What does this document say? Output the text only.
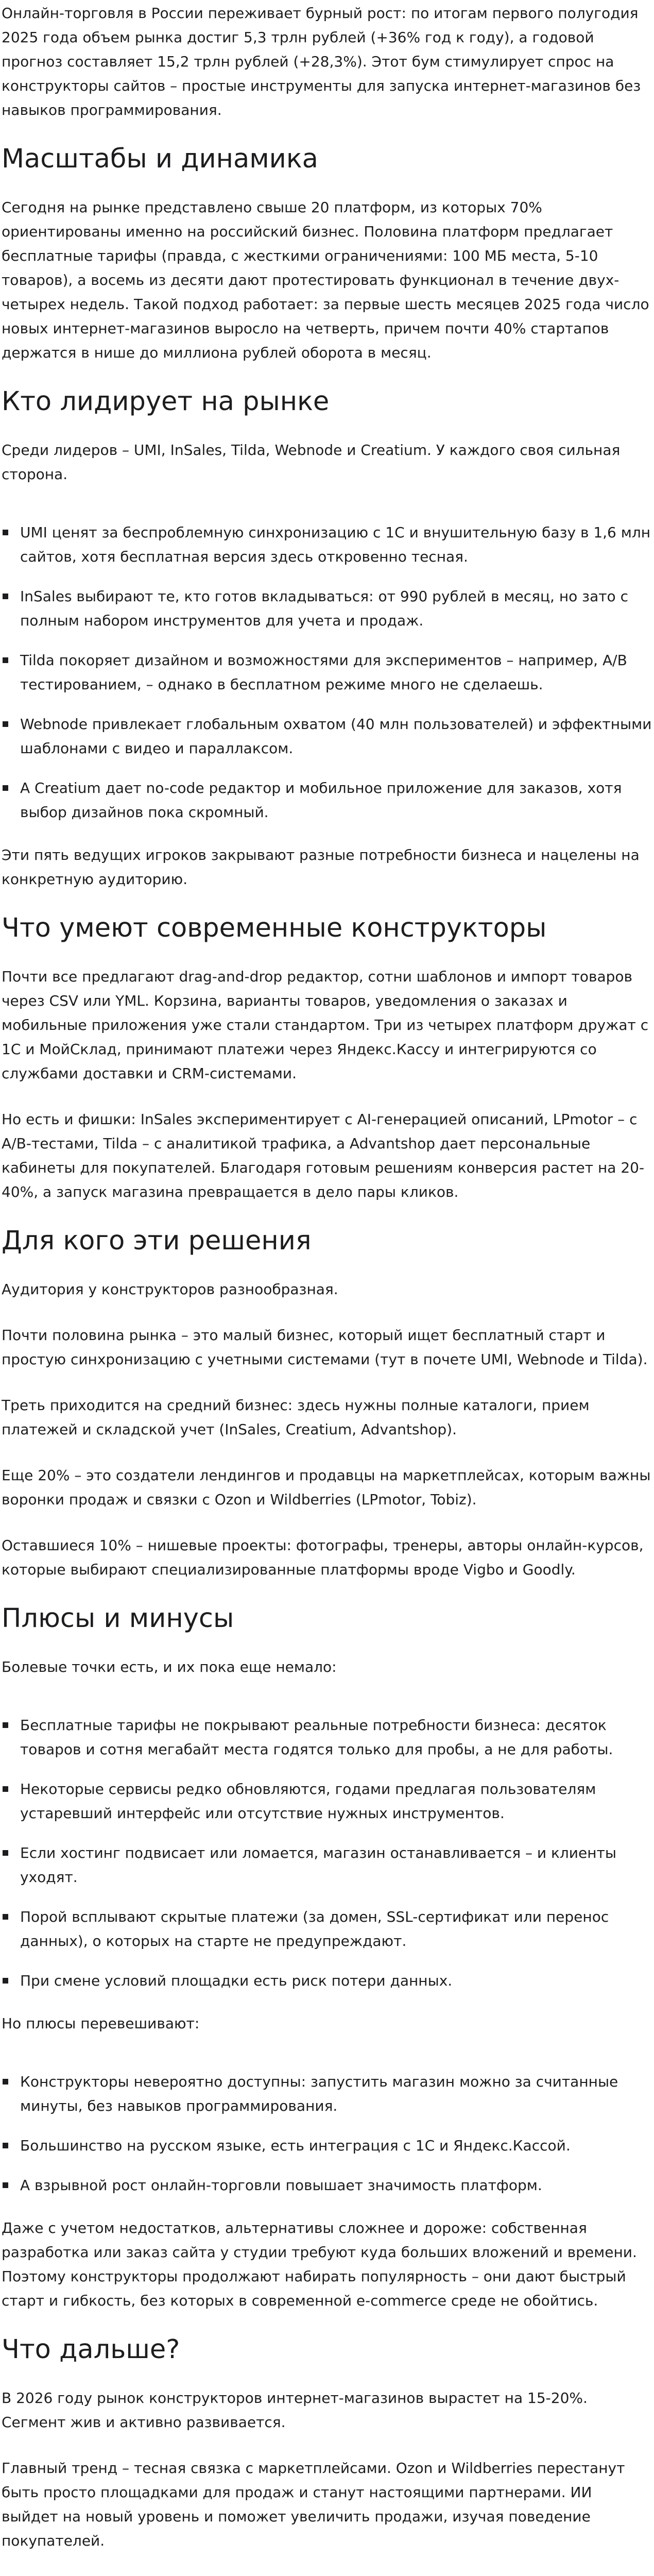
Онлайн-торговля в России переживает бурный рост: по итогам первого полугодия 2025 года объем рынка достиг 5,3 трлн рублей (+36% год к году), а годовой прогноз составляет 15,2 трлн рублей (+28,3%). Этот бум стимулирует спрос на конструкторы сайтов – простые инструменты для запуска интернет-магазинов без навыков программирования.

Масштабы и динамика

Сегодня на рынке представлено свыше 20 платформ, из которых 70% ориентированы именно на российский бизнес. Половина платформ предлагает бесплатные тарифы (правда, с жесткими ограничениями: 100 МБ места, 5-10 товаров), а восемь из десяти дают протестировать функционал в течение двух-четырех недель. Такой подход работает: за первые шесть месяцев 2025 года число новых интернет-магазинов выросло на четверть, причем почти 40% стартапов держатся в нише до миллиона рублей оборота в месяц.

Кто лидирует на рынке

Среди лидеров – UMI, InSales, Tilda, Webnode и Creatium. У каждого своя сильная сторона.

UMI ценят за беспроблемную синхронизацию с 1С и внушительную базу в 1,6 млн сайтов, хотя бесплатная версия здесь откровенно тесная.
InSales выбирают те, кто готов вкладываться: от 990 рублей в месяц, но зато с полным набором инструментов для учета и продаж.
Tilda покоряет дизайном и возможностями для экспериментов – например, A/B тестированием, – однако в бесплатном режиме много не сделаешь.
Webnode привлекает глобальным охватом (40 млн пользователей) и эффектными шаблонами с видео и параллаксом.
А Creatium дает no-code редактор и мобильное приложение для заказов, хотя выбор дизайнов пока скромный.

Эти пять ведущих игроков закрывают разные потребности бизнеса и нацелены на конкретную аудиторию.

Что умеют современные конструкторы

Почти все предлагают drag-and-drop редактор, сотни шаблонов и импорт товаров через CSV или YML. Корзина, варианты товаров, уведомления о заказах и мобильные приложения уже стали стандартом. Три из четырех платформ дружат с 1С и МойСклад, принимают платежи через Яндекс.Кассу и интегрируются со службами доставки и CRM-системами.

Но есть и фишки: InSales экспериментирует с AI-генерацией описаний, LPmotor – с A/B-тестами, Tilda – с аналитикой трафика, а Advantshop дает персональные кабинеты для покупателей. Благодаря готовым решениям конверсия растет на 20-40%, а запуск магазина превращается в дело пары кликов.

Для кого эти решения

Аудитория у конструкторов разнообразная.

Почти половина рынка – это малый бизнес, который ищет бесплатный старт и простую синхронизацию с учетными системами (тут в почете UMI, Webnode и Tilda).

Треть приходится на средний бизнес: здесь нужны полные каталоги, прием платежей и складской учет (InSales, Creatium, Advantshop).

Еще 20% – это создатели лендингов и продавцы на маркетплейсах, которым важны воронки продаж и связки с Ozon и Wildberries (LPmotor, Tobiz).

Оставшиеся 10% – нишевые проекты: фотографы, тренеры, авторы онлайн-курсов, которые выбирают специализированные платформы вроде Vigbo и Goodly.

Плюсы и минусы

Болевые точки есть, и их пока еще немало:

Бесплатные тарифы не покрывают реальные потребности бизнеса: десяток товаров и сотня мегабайт места годятся только для пробы, а не для работы.
Некоторые сервисы редко обновляются, годами предлагая пользователям устаревший интерфейс или отсутствие нужных инструментов.
Если хостинг подвисает или ломается, магазин останавливается – и клиенты уходят.
Порой всплывают скрытые платежи (за домен, SSL-сертификат или перенос данных), о которых на старте не предупреждают.
При смене условий площадки есть риск потери данных.

Но плюсы перевешивают:

Конструкторы невероятно доступны: запустить магазин можно за считанные минуты, без навыков программирования.
Большинство на русском языке, есть интеграция с 1С и Яндекс.Кассой.
А взрывной рост онлайн-торговли повышает значимость платформ.

Даже с учетом недостатков, альтернативы сложнее и дороже: собственная разработка или заказ сайта у студии требуют куда больших вложений и времени. Поэтому конструкторы продолжают набирать популярность – они дают быстрый старт и гибкость, без которых в современной e-commerce среде не обойтись.

Что дальше?

В 2026 году рынок конструкторов интернет-магазинов вырастет на 15-20%. Сегмент жив и активно развивается.

Главный тренд – тесная связка с маркетплейсами. Ozon и Wildberries перестанут быть просто площадками для продаж и станут настоящими партнерами. ИИ выйдет на новый уровень и поможет увеличить продажи, изучая поведение покупателей.
